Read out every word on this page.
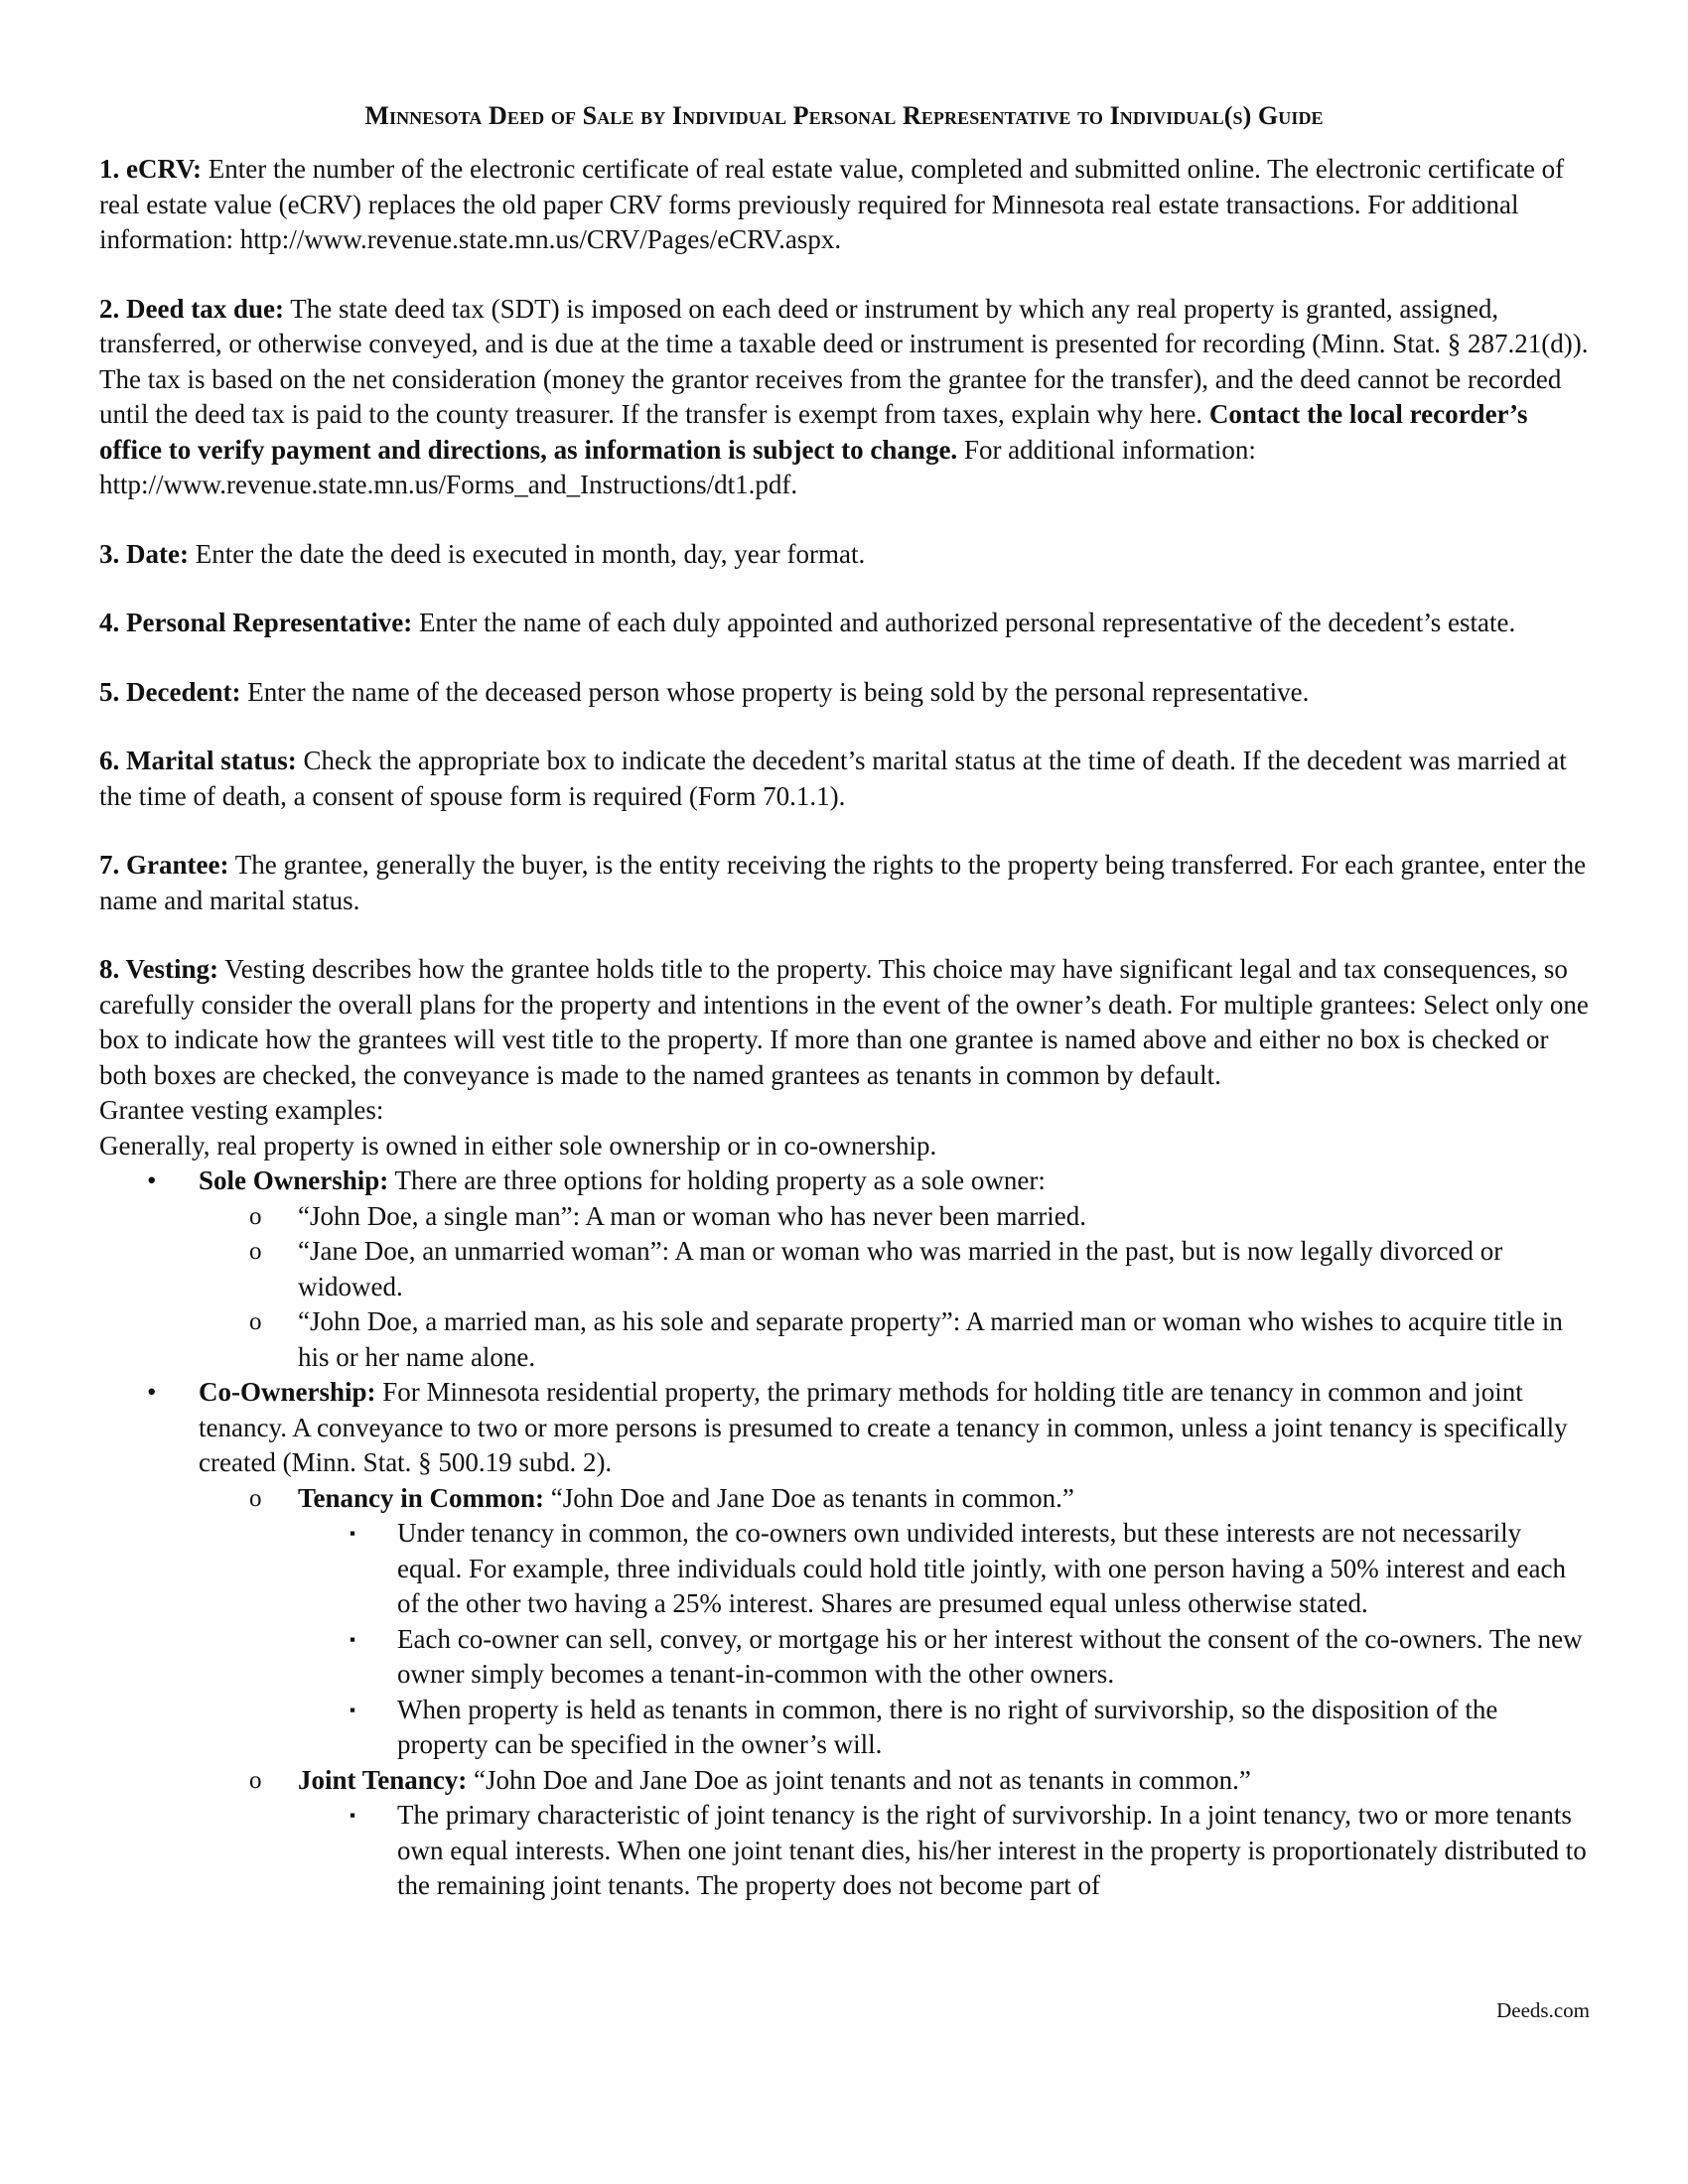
Minnesota Deed of Sale by Individual Personal Representative to Individual(s) Guide

1. eCRV: Enter the number of the electronic certificate of real estate value, completed and submitted online. The electronic certificate of real estate value (eCRV) replaces the old paper CRV forms previously required for Minnesota real estate transactions. For additional information: http://www.revenue.state.mn.us/CRV/Pages/eCRV.aspx.

2. Deed tax due: The state deed tax (SDT) is imposed on each deed or instrument by which any real property is granted, assigned, transferred, or otherwise conveyed, and is due at the time a taxable deed or instrument is presented for recording (Minn. Stat. § 287.21(d)). The tax is based on the net consideration (money the grantor receives from the grantee for the transfer), and the deed cannot be recorded until the deed tax is paid to the county treasurer. If the transfer is exempt from taxes, explain why here. Contact the local recorder’s office to verify payment and directions, as information is subject to change. For additional information: http://www.revenue.state.mn.us/Forms_and_Instructions/dt1.pdf.

3. Date: Enter the date the deed is executed in month, day, year format.

4. Personal Representative: Enter the name of each duly appointed and authorized personal representative of the decedent’s estate.

5. Decedent: Enter the name of the deceased person whose property is being sold by the personal representative.

6. Marital status: Check the appropriate box to indicate the decedent’s marital status at the time of death. If the decedent was married at the time of death, a consent of spouse form is required (Form 70.1.1).

7. Grantee: The grantee, generally the buyer, is the entity receiving the rights to the property being transferred. For each grantee, enter the name and marital status.

8. Vesting: Vesting describes how the grantee holds title to the property. This choice may have significant legal and tax consequences, so carefully consider the overall plans for the property and intentions in the event of the owner’s death. For multiple grantees: Select only one box to indicate how the grantees will vest title to the property. If more than one grantee is named above and either no box is checked or both boxes are checked, the conveyance is made to the named grantees as tenants in common by default.

Grantee vesting examples:

Generally, real property is owned in either sole ownership or in co-ownership.

• Sole Ownership: There are three options for holding property as a sole owner:
o “John Doe, a single man”: A man or woman who has never been married.
o “Jane Doe, an unmarried woman”: A man or woman who was married in the past, but is now legally divorced or widowed.
o “John Doe, a married man, as his sole and separate property”: A married man or woman who wishes to acquire title in his or her name alone.
• Co-Ownership: For Minnesota residential property, the primary methods for holding title are tenancy in common and joint tenancy. A conveyance to two or more persons is presumed to create a tenancy in common, unless a joint tenancy is specifically created (Minn. Stat. § 500.19 subd. 2).
o Tenancy in Common: “John Doe and Jane Doe as tenants in common.”
▪ Under tenancy in common, the co-owners own undivided interests, but these interests are not necessarily equal. For example, three individuals could hold title jointly, with one person having a 50% interest and each of the other two having a 25% interest. Shares are presumed equal unless otherwise stated.
▪ Each co-owner can sell, convey, or mortgage his or her interest without the consent of the co-owners. The new owner simply becomes a tenant-in-common with the other owners.
▪ When property is held as tenants in common, there is no right of survivorship, so the disposition of the property can be specified in the owner’s will.
o Joint Tenancy: “John Doe and Jane Doe as joint tenants and not as tenants in common.”
▪ The primary characteristic of joint tenancy is the right of survivorship. In a joint tenancy, two or more tenants own equal interests. When one joint tenant dies, his/her interest in the property is proportionately distributed to the remaining joint tenants. The property does not become part of
Deeds.com
